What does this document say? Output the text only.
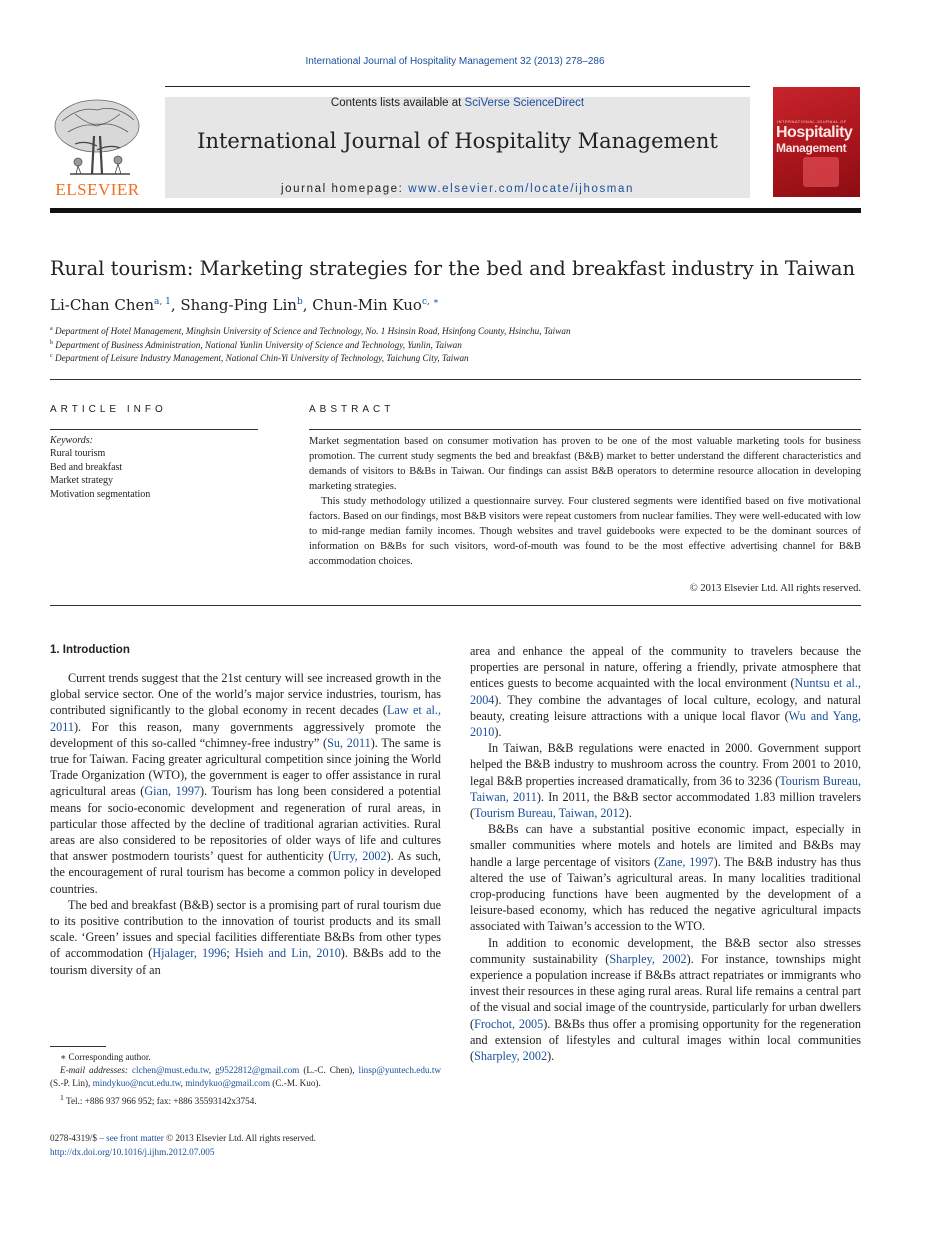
International Journal of Hospitality Management 32 (2013) 278–286
ELSEVIER
Contents lists available at SciVerse ScienceDirect
International Journal of Hospitality Management
journal homepage: www.elsevier.com/locate/ijhosman
INTERNATIONAL JOURNAL OF
Hospitality
Management
Rural tourism: Marketing strategies for the bed and breakfast industry in Taiwan
Li-Chan Chen$^{a, 1}$, Shang-Ping Lin$^b$, Chun-Min Kuo$^{c, ∗}$
$^a$ Department of Hotel Management, Minghsin University of Science and Technology, No. 1 Hsinsin Road, Hsinfong County, Hsinchu, Taiwan
$^b$ Department of Business Administration, National Yunlin University of Science and Technology, Yunlin, Taiwan
$^c$ Department of Leisure Industry Management, National Chin-Yi University of Technology, Taichung City, Taiwan
ARTICLE INFO	ABSTRACT
Keywords:
Rural tourism
Bed and breakfast
Market strategy
Motivation segmentation

Market segmentation based on consumer motivation has proven to be one of the most valuable marketing tools for business promotion. The current study segments the bed and breakfast (B&B) market to better understand the different characteristics and demands of visitors to B&Bs in Taiwan. Our findings can assist B&B operators to determine resource allocation in developing marketing strategies.

This study methodology utilized a questionnaire survey. Four clustered segments were identified based on five motivational factors. Based on our findings, most B&B visitors were repeat customers from nuclear families. They were well-educated with low to mid-range median family incomes. Though websites and travel guidebooks were expected to be the dominant sources of information on B&Bs for such visitors, word-of-mouth was found to be the most effective advertising channel for B&B accommodation choices.

© 2013 Elsevier Ltd. All rights reserved.
1. Introduction

Current trends suggest that the 21st century will see increased growth in the global service sector. One of the world’s major service industries, tourism, has contributed significantly to the global economy in recent decades (Law et al., 2011). For this reason, many governments aggressively promote the development of this so-called “chimney-free industry” (Su, 2011). The same is true for Taiwan. Facing greater agricultural competition since joining the World Trade Organization (WTO), the government is eager to offer assistance in rural agricultural areas (Gian, 1997). Tourism has long been considered a potential means for socio-economic development and regeneration of rural areas, in particular those affected by the decline of traditional agrarian activities. Rural areas are also considered to be repositories of older ways of life and cultures that answer postmodern tourists’ quest for authenticity (Urry, 2002). As such, the encouragement of rural tourism has become a common policy in developed countries.

The bed and breakfast (B&B) sector is a promising part of rural tourism due to its positive contribution to the innovation of tourist products and its small scale. ‘Green’ issues and special facilities differentiate B&Bs from other types of accommodation (Hjalager, 1996; Hsieh and Lin, 2010). B&Bs add to the tourism diversity of an

area and enhance the appeal of the community to travelers because the properties are personal in nature, offering a friendly, private atmosphere that entices guests to become acquainted with the local environment (Nuntsu et al., 2004). They combine the advantages of local culture, ecology, and natural beauty, creating leisure attractions with a unique local flavor (Wu and Yang, 2010).

In Taiwan, B&B regulations were enacted in 2000. Government support helped the B&B industry to mushroom across the country. From 2001 to 2010, legal B&B properties increased dramatically, from 36 to 3236 (Tourism Bureau, Taiwan, 2011). In 2011, the B&B sector accommodated 1.83 million travelers (Tourism Bureau, Taiwan, 2012).

B&Bs can have a substantial positive economic impact, especially in smaller communities where motels and hotels are limited and B&Bs may handle a large percentage of visitors (Zane, 1997). The B&B industry has thus altered the use of Taiwan’s agricultural areas. In many localities traditional crop-producing functions have been augmented by the development of a leisure-based economy, which has reduced the negative agricultural impacts associated with Taiwan’s accession to the WTO.

In addition to economic development, the B&B sector also stresses community sustainability (Sharpley, 2002). For instance, townships might experience a population increase if B&Bs attract repatriates or immigrants who invest their resources in these aging rural areas. Rural life remains a central part of the visual and social image of the countryside, particularly for urban dwellers (Frochot, 2005). B&Bs thus offer a promising opportunity for the regeneration and extension of lifestyles and cultural images within local communities (Sharpley, 2002).

∗ Corresponding author.
E-mail addresses: clchen@must.edu.tw, g9522812@gmail.com (L.-C. Chen), linsp@yuntech.edu.tw (S.-P. Lin), mindykuo@ncut.edu.tw, mindykuo@gmail.com (C.-M. Kuo).
$^1$ Tel.: +886 937 966 952; fax: +886 35593142x3754.
0278-4319/$ – see front matter © 2013 Elsevier Ltd. All rights reserved.
http://dx.doi.org/10.1016/j.ijhm.2012.07.005
